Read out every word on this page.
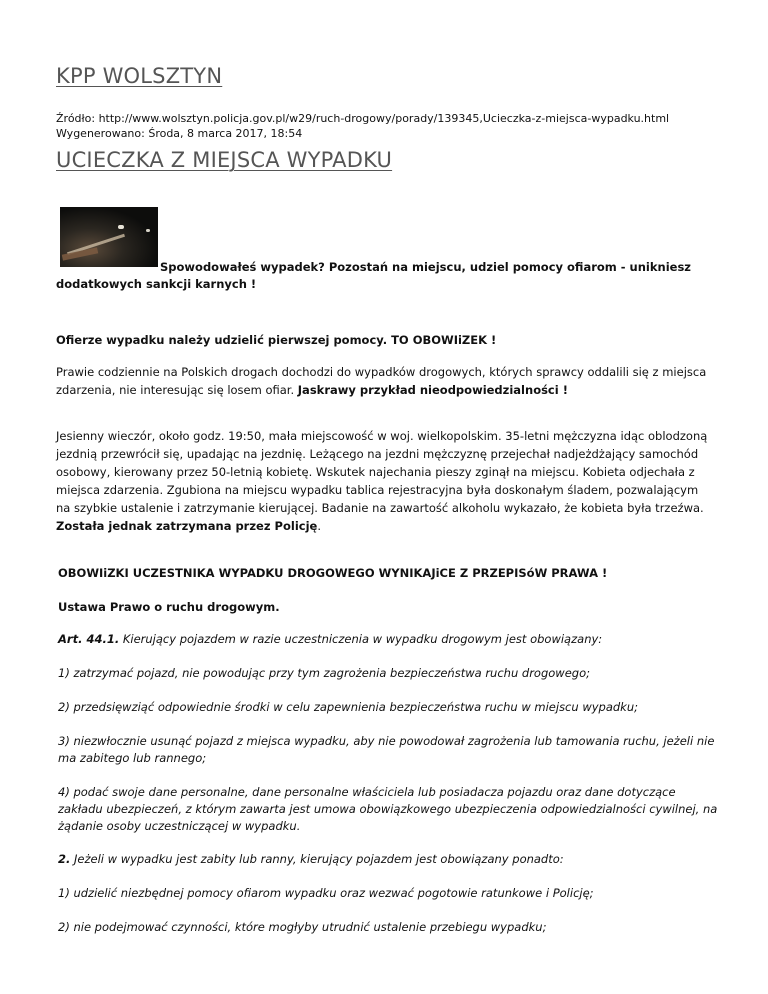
KPP WOLSZTYN
Źródło: http://www.wolsztyn.policja.gov.pl/w29/ruch-drogowy/porady/139345,Ucieczka-z-miejsca-wypadku.html
Wygenerowano: Środa, 8 marca 2017, 18:54
UCIECZKA Z MIEJSCA WYPADKU

Spowodowałeś wypadek? Pozostań na miejscu, udziel pomocy ofiarom - unikniesz dodatkowych sankcji karnych !

Ofierze wypadku należy udzielić pierwszej pomocy. TO OBOWIiZEK !

Prawie codziennie na Polskich drogach dochodzi do wypadków drogowych, których sprawcy oddalili się z miejsca zdarzenia, nie interesując się losem ofiar. Jaskrawy przykład nieodpowiedzialności !

Jesienny wieczór, około godz. 19:50, mała miejscowość w woj. wielkopolskim. 35-letni mężczyzna idąc oblodzoną jezdnią przewrócił się, upadając na jezdnię. Leżącego na jezdni mężczyznę przejechał nadjeżdżający samochód osobowy, kierowany przez 50-letnią kobietę. Wskutek najechania pieszy zginął na miejscu. Kobieta odjechała z miejsca zdarzenia. Zgubiona na miejscu wypadku tablica rejestracyjna była doskonałym śladem, pozwalającym na szybkie ustalenie i zatrzymanie kierującej. Badanie na zawartość alkoholu wykazało, że kobieta była trzeźwa. Została jednak zatrzymana przez Policję.

OBOWIiZKI UCZESTNIKA WYPADKU DROGOWEGO WYNIKAJiCE Z PRZEPISóW PRAWA !

Ustawa Prawo o ruchu drogowym.

Art. 44.1. Kierujący pojazdem w razie uczestniczenia w wypadku drogowym jest obowiązany:

1) zatrzymać pojazd, nie powodując przy tym zagrożenia bezpieczeństwa ruchu drogowego;

2) przedsięwziąć odpowiednie środki w celu zapewnienia bezpieczeństwa ruchu w miejscu wypadku;

3) niezwłocznie usunąć pojazd z miejsca wypadku, aby nie powodował zagrożenia lub tamowania ruchu, jeżeli nie ma zabitego lub rannego;

4) podać swoje dane personalne, dane personalne właściciela lub posiadacza pojazdu oraz dane dotyczące zakładu ubezpieczeń, z którym zawarta jest umowa obowiązkowego ubezpieczenia odpowiedzialności cywilnej, na żądanie osoby uczestniczącej w wypadku.

2. Jeżeli w wypadku jest zabity lub ranny, kierujący pojazdem jest obowiązany ponadto:

1) udzielić niezbędnej pomocy ofiarom wypadku oraz wezwać pogotowie ratunkowe i Policję;

2) nie podejmować czynności, które mogłyby utrudnić ustalenie przebiegu wypadku;
